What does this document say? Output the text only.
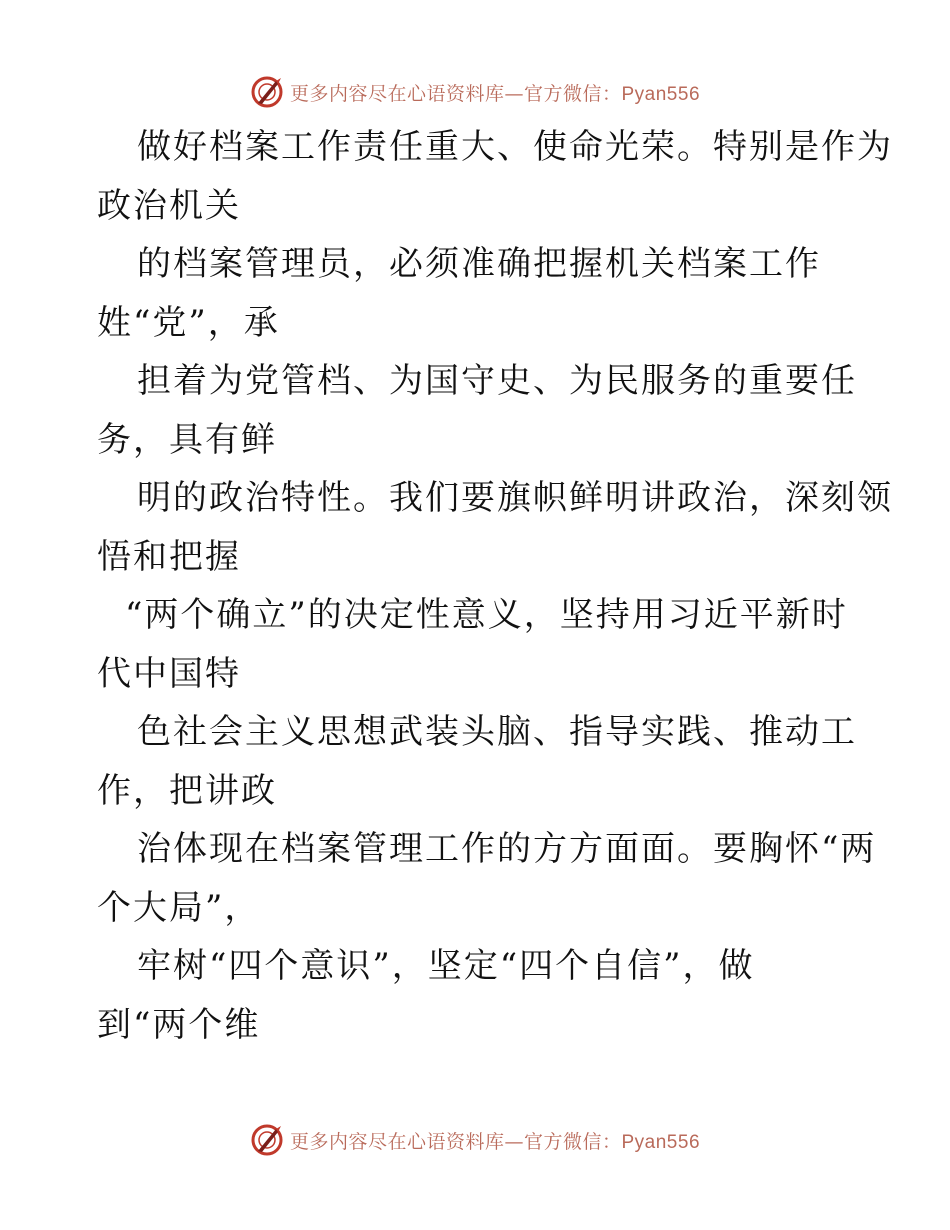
更多内容尽在心语资料库—官方微信：Pyan556
做好档案工作责任重大、使命光荣。特别是作为
政治机关
的档案管理员，必须准确把握机关档案工作
姓“党”，承
担着为党管档、为国守史、为民服务的重要任
务，具有鲜
明的政治特性。我们要旗帜鲜明讲政治，深刻领
悟和把握
“两个确立”的决定性意义，坚持用习近平新时
代中国特
色社会主义思想武装头脑、指导实践、推动工
作，把讲政
治体现在档案管理工作的方方面面。要胸怀“两
个大局”，
牢树“四个意识”，坚定“四个自信”，做
到“两个维
更多内容尽在心语资料库—官方微信：Pyan556
